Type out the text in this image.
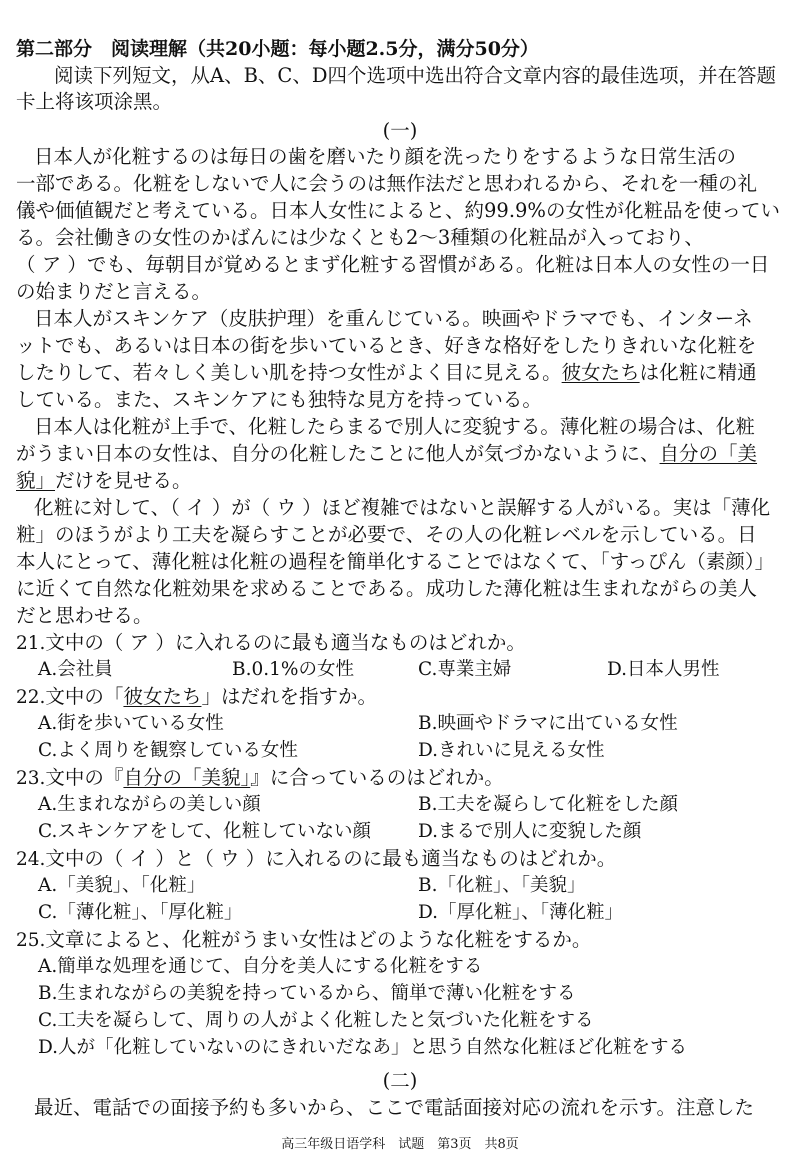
第二部分　阅读理解（共20小题：每小题2.5分，满分50分）
阅读下列短文，从A、B、C、D四个选项中选出符合文章内容的最佳选项，并在答题
卡上将该项涂黑。
(一)
日本人が化粧するのは毎日の歯を磨いたり顔を洗ったりをするような日常生活の
一部である。化粧をしないで人に会うのは無作法だと思われるから、それを一種の礼
儀や価値観だと考えている。日本人女性によると、約99.9%の女性が化粧品を使ってい
る。会社働きの女性のかばんには少なくとも2～3種類の化粧品が入っており、
（ ア ）でも、毎朝目が覚めるとまず化粧する習慣がある。化粧は日本人の女性の一日
の始まりだと言える。
日本人がスキンケア（皮肤护理）を重んじている。映画やドラマでも、インターネ
ットでも、あるいは日本の街を歩いているとき、好きな格好をしたりきれいな化粧を
したりして、若々しく美しい肌を持つ女性がよく目に見える。彼女たちは化粧に精通
している。また、スキンケアにも独特な見方を持っている。
日本人は化粧が上手で、化粧したらまるで別人に変貌する。薄化粧の場合は、化粧
がうまい日本の女性は、自分の化粧したことに他人が気づかないように、自分の「美
貌」だけを見せる。
化粧に対して、（ イ ）が（ ウ ）ほど複雑ではないと誤解する人がいる。実は「薄化
粧」のほうがより工夫を凝らすことが必要で、その人の化粧レベルを示している。日
本人にとって、薄化粧は化粧の過程を簡単化することではなくて、「すっぴん（素颜）」
に近くて自然な化粧効果を求めることである。成功した薄化粧は生まれながらの美人
だと思わせる。
21.文中の（ ア ）に入れるのに最も適当なものはどれか。
A.会社員	B.0.1%の女性	C.専業主婦	D.日本人男性
22.文中の「彼女たち」はだれを指すか。
A.街を歩いている女性	B.映画やドラマに出ている女性
C.よく周りを観察している女性	D.きれいに見える女性
23.文中の『自分の「美貌」』に合っているのはどれか。
A.生まれながらの美しい顔	B.工夫を凝らして化粧をした顔
C.スキンケアをして、化粧していない顔	D.まるで別人に変貌した顔
24.文中の（ イ ）と（ ウ ）に入れるのに最も適当なものはどれか。
A.「美貌」、「化粧」	B.「化粧」、「美貌」
C.「薄化粧」、「厚化粧」	D.「厚化粧」、「薄化粧」
25.文章によると、化粧がうまい女性はどのような化粧をするか。
A.簡単な処理を通じて、自分を美人にする化粧をする
B.生まれながらの美貌を持っているから、簡単で薄い化粧をする
C.工夫を凝らして、周りの人がよく化粧したと気づいた化粧をする
D.人が「化粧していないのにきれいだなあ」と思う自然な化粧ほど化粧をする
(二)
最近、電話での面接予約も多いから、ここで電話面接対応の流れを示す。注意した
高三年级日语学科　试题　第3页　共8页
